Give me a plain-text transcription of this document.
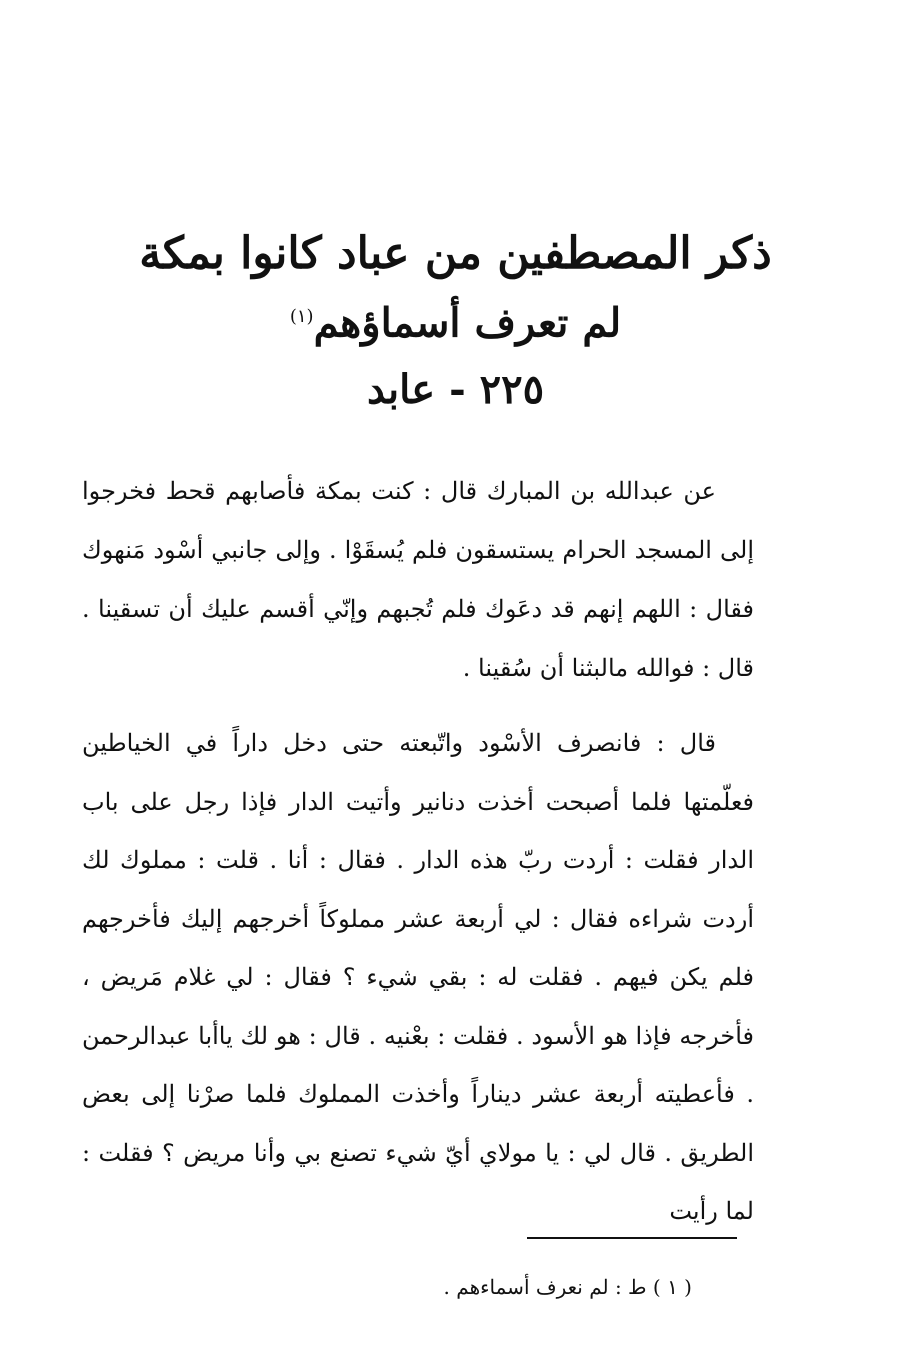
ذكر المصطفين من عباد كانوا بمكة
لم تعرف أسماؤهم$^{(١)}$
٢٢٥ - عابد

عن عبدالله بن المبارك قال : كنت بمكة فأصابهم قحط فخرجوا إلى المسجد الحرام يستسقون فلم يُسقَوْا . وإلى جانبي أسْود مَنهوك فقال : اللهم إنهم قد دعَوك فلم تُجبهم وإنّي أقسم عليك أن تسقينا . قال : فوالله مالبثنا أن سُقينا .

قال : فانصرف الأسْود واتّبعته حتى دخل داراً في الخياطين فعلّمتها فلما أصبحت أخذت دنانير وأتيت الدار فإذا رجل على باب الدار فقلت : أردت ربّ هذه الدار . فقال : أنا . قلت : مملوك لك أردت شراءه فقال : لي أربعة عشر مملوكاً أخرجهم إليك فأخرجهم فلم يكن فيهم . فقلت له : بقي شيء ؟ فقال : لي غلام مَريض ، فأخرجه فإذا هو الأسود . فقلت : بعْنيه . قال : هو لك ياأبا عبدالرحمن . فأعطيته أربعة عشر ديناراً وأخذت المملوك فلما صرْنا إلى بعض الطريق . قال لي : يا مولاي أيّ شيء تصنع بي وأنا مريض ؟ فقلت : لما رأيت

( ١ ) ط : لم نعرف أسماءهم .
